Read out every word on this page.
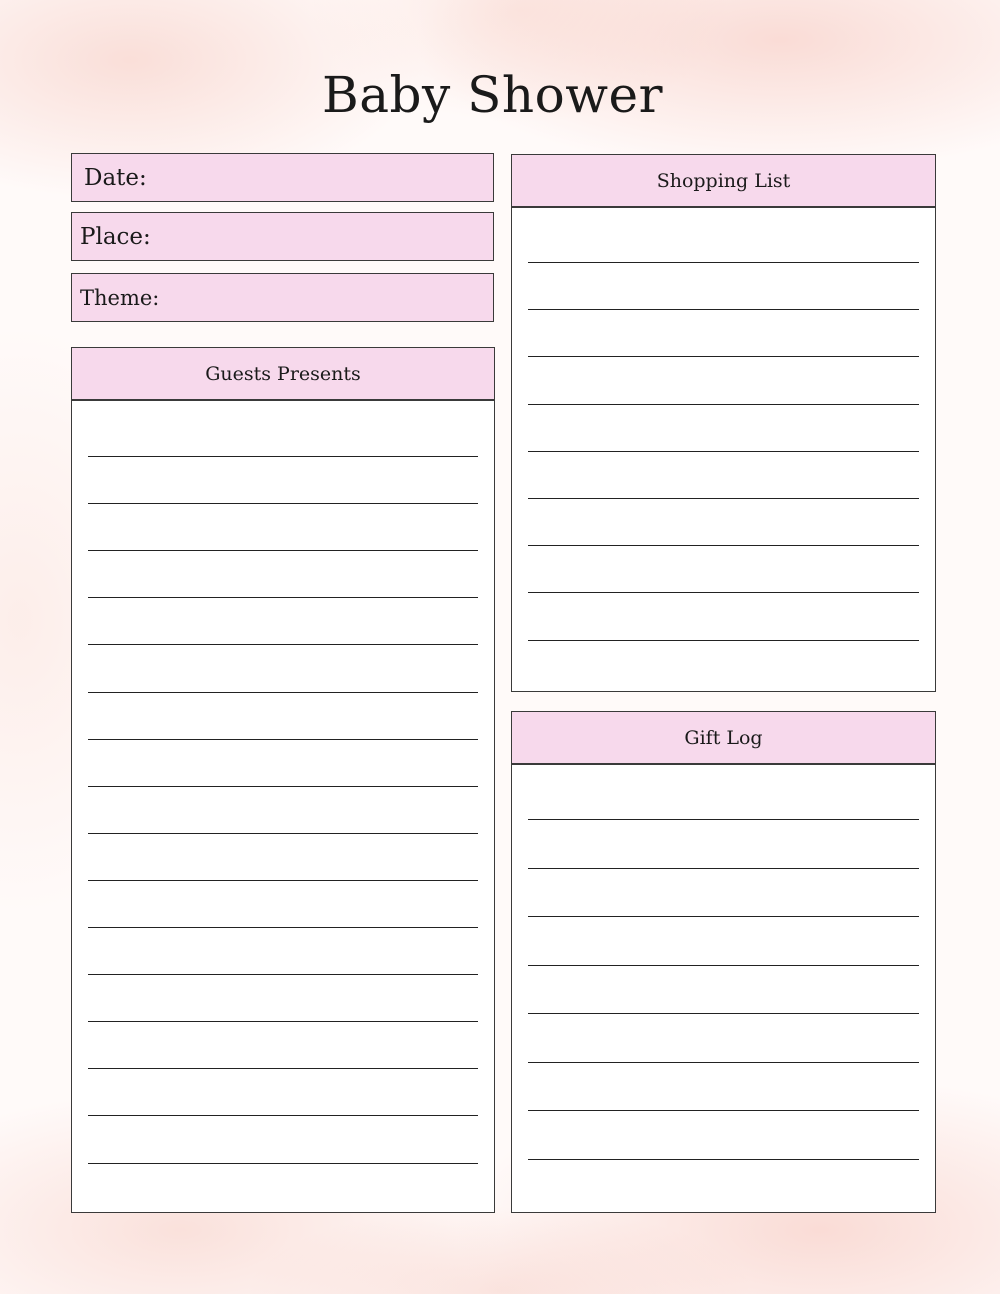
Baby Shower
Date:
Place:
Theme:
Guests Presents
Shopping List
Gift Log
